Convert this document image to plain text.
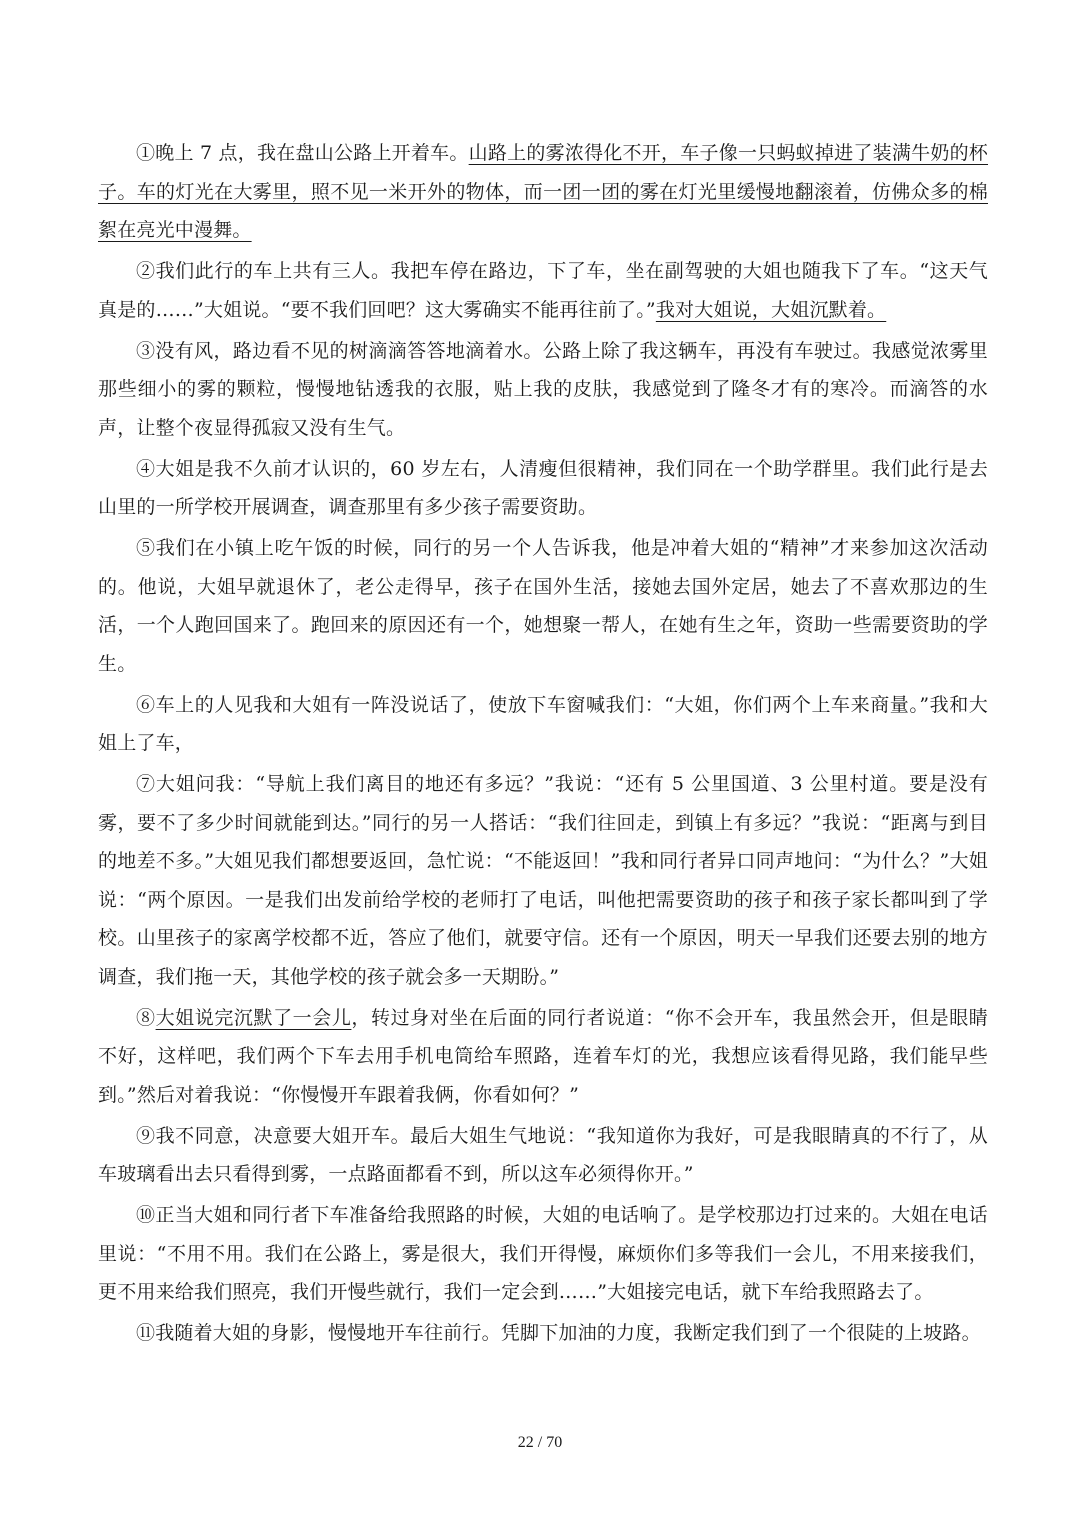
①晚上 7 点，我在盘山公路上开着车。山路上的雾浓得化不开，车子像一只蚂蚁掉进了装满牛奶的杯子。车的灯光在大雾里，照不见一米开外的物体，而一团一团的雾在灯光里缓慢地翻滚着，仿佛众多的棉絮在亮光中漫舞。

②我们此行的车上共有三人。我把车停在路边，下了车，坐在副驾驶的大姐也随我下了车。“这天气真是的……”大姐说。“要不我们回吧？这大雾确实不能再往前了。”我对大姐说，大姐沉默着。

③没有风，路边看不见的树滴滴答答地滴着水。公路上除了我这辆车，再没有车驶过。我感觉浓雾里那些细小的雾的颗粒，慢慢地钻透我的衣服，贴上我的皮肤，我感觉到了隆冬才有的寒冷。而滴答的水声，让整个夜显得孤寂又没有生气。

④大姐是我不久前才认识的，60 岁左右，人清瘦但很精神，我们同在一个助学群里。我们此行是去山里的一所学校开展调查，调查那里有多少孩子需要资助。

⑤我们在小镇上吃午饭的时候，同行的另一个人告诉我，他是冲着大姐的“精神”才来参加这次活动的。他说，大姐早就退休了，老公走得早，孩子在国外生活，接她去国外定居，她去了不喜欢那边的生活，一个人跑回国来了。跑回来的原因还有一个，她想聚一帮人，在她有生之年，资助一些需要资助的学生。

⑥车上的人见我和大姐有一阵没说话了，使放下车窗喊我们：“大姐，你们两个上车来商量。”我和大姐上了车，

⑦大姐问我：“导航上我们离目的地还有多远？”我说：“还有 5 公里国道、3 公里村道。要是没有雾，要不了多少时间就能到达。”同行的另一人搭话：“我们往回走，到镇上有多远？”我说：“距离与到目的地差不多。”大姐见我们都想要返回，急忙说：“不能返回！”我和同行者异口同声地问：“为什么？”大姐说：“两个原因。一是我们出发前给学校的老师打了电话，叫他把需要资助的孩子和孩子家长都叫到了学校。山里孩子的家离学校都不近，答应了他们，就要守信。还有一个原因，明天一早我们还要去别的地方调查，我们拖一天，其他学校的孩子就会多一天期盼。”

⑧大姐说完沉默了一会儿，转过身对坐在后面的同行者说道：“你不会开车，我虽然会开，但是眼睛不好，这样吧，我们两个下车去用手机电筒给车照路，连着车灯的光，我想应该看得见路，我们能早些到。”然后对着我说：“你慢慢开车跟着我俩，你看如何？”

⑨我不同意，决意要大姐开车。最后大姐生气地说：“我知道你为我好，可是我眼睛真的不行了，从车玻璃看出去只看得到雾，一点路面都看不到，所以这车必须得你开。”

⑩正当大姐和同行者下车准备给我照路的时候，大姐的电话响了。是学校那边打过来的。大姐在电话里说：“不用不用。我们在公路上，雾是很大，我们开得慢，麻烦你们多等我们一会儿，不用来接我们，更不用来给我们照亮，我们开慢些就行，我们一定会到……”大姐接完电话，就下车给我照路去了。

⑪我随着大姐的身影，慢慢地开车往前行。凭脚下加油的力度，我断定我们到了一个很陡的上坡路。

22 / 70
